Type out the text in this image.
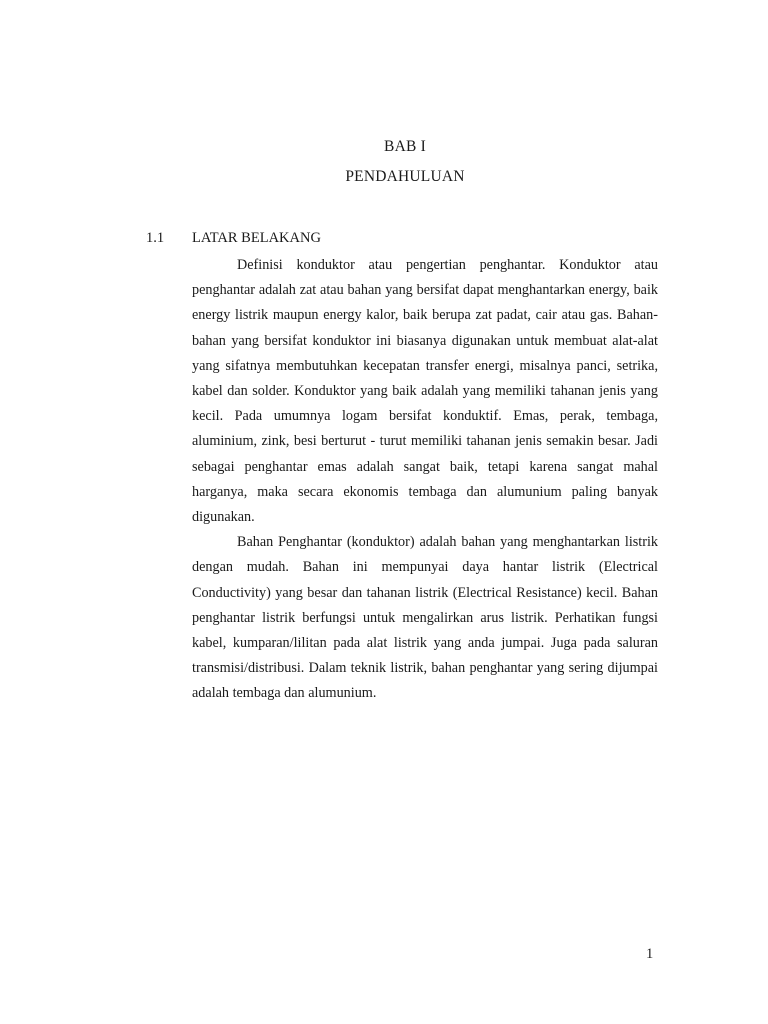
BAB I
PENDAHULUAN
1.1 LATAR BELAKANG

Definisi konduktor atau pengertian penghantar. Konduktor atau penghantar adalah zat atau bahan yang bersifat dapat menghantarkan energy, baik energy listrik maupun energy kalor, baik berupa zat padat, cair atau gas. Bahan-bahan yang bersifat konduktor ini biasanya digunakan untuk membuat alat-alat yang sifatnya membutuhkan kecepatan transfer energi, misalnya panci, setrika, kabel dan solder. Konduktor yang baik adalah yang memiliki tahanan jenis yang kecil. Pada umumnya logam bersifat konduktif. Emas, perak, tembaga, aluminium, zink, besi berturut - turut memiliki tahanan jenis semakin besar. Jadi sebagai penghantar emas adalah sangat baik, tetapi karena sangat mahal harganya, maka secara ekonomis tembaga dan alumunium paling banyak digunakan.

Bahan Penghantar (konduktor) adalah bahan yang menghantarkan listrik dengan mudah. Bahan ini mempunyai daya hantar listrik (Electrical Conductivity) yang besar dan tahanan listrik (Electrical Resistance) kecil. Bahan penghantar listrik berfungsi untuk mengalirkan arus listrik. Perhatikan fungsi kabel, kumparan/lilitan pada alat listrik yang anda jumpai. Juga pada saluran transmisi/distribusi. Dalam teknik listrik, bahan penghantar yang sering dijumpai adalah tembaga dan alumunium.

1
